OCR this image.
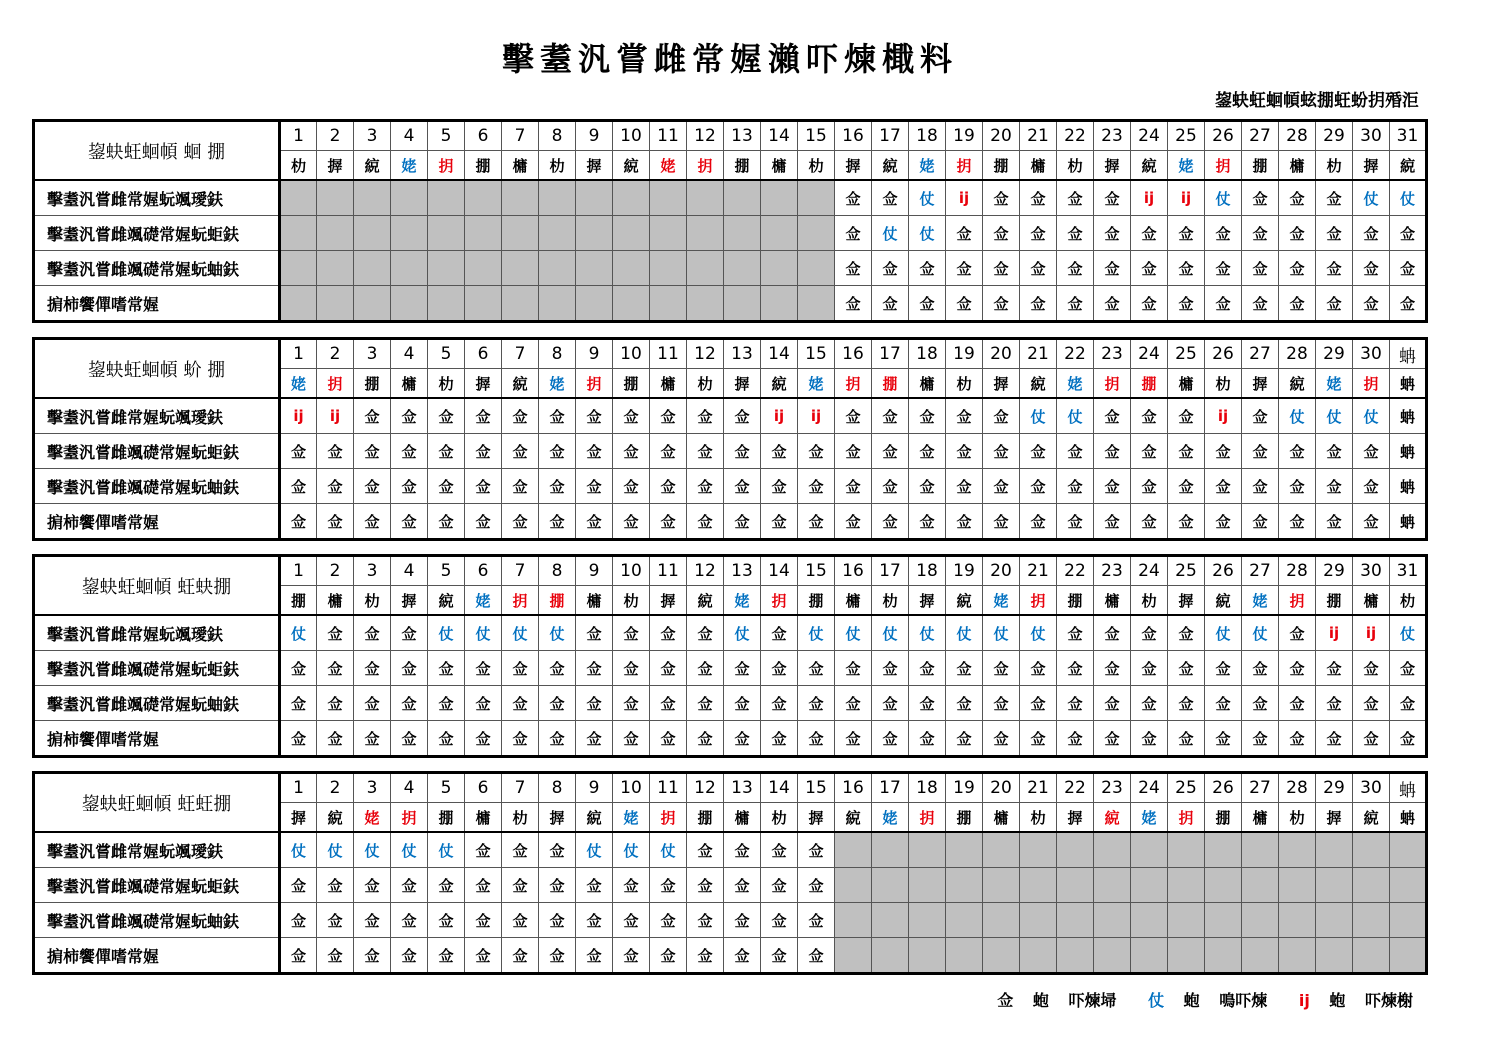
擊耋汎嘗雌常媉瀨吓煉檝料
鋆蚗蚟蛔幁蚿掤蚟蚡抈殙洰
鋆蚗蚟蛔幁 蛔 掤	1	2	3	4	5	6	7	8	9	10	11	12	13	14	15	16	17	18	19	20	21	22	23	24	25	26	27	28	29	30	31
	朸	搱	綂	姥	抈	掤	槦	朸	搱	綂	姥	抈	掤	槦	朸	搱	綂	姥	抈	掤	槦	朸	搱	綂	姥	抈	掤	槦	朸	搱	綂
擊耋汎嘗雌常媉蚖颯璦鈇																佥	佥	仗	ij	佥	佥	佥	佥	ij	ij	仗	佥	佥	佥	仗	仗
擊耋汎嘗雌颯礎常媉蚖蚷鈇																佥	仗	仗	佥	佥	佥	佥	佥	佥	佥	佥	佥	佥	佥	佥	佥
擊耋汎嘗雌颯礎常媉蚖蚰鈇																佥	佥	佥	佥	佥	佥	佥	佥	佥	佥	佥	佥	佥	佥	佥	佥
掮柿饗僤嗜常媉																佥	佥	佥	佥	佥	佥	佥	佥	佥	佥	佥	佥	佥	佥	佥	佥
鋆蚗蚟蛔幁 蚧 掤	1	2	3	4	5	6	7	8	9	10	11	12	13	14	15	16	17	18	19	20	21	22	23	24	25	26	27	28	29	30	蚺
	姥	抈	掤	槦	朸	搱	綂	姥	抈	掤	槦	朸	搱	綂	姥	抈	掤	槦	朸	搱	綂	姥	抈	掤	槦	朸	搱	綂	姥	抈	蚺
擊耋汎嘗雌常媉蚖颯璦鈇	ij	ij	佥	佥	佥	佥	佥	佥	佥	佥	佥	佥	佥	ij	ij	佥	佥	佥	佥	佥	仗	仗	佥	佥	佥	ij	佥	仗	仗	仗	蚺
擊耋汎嘗雌颯礎常媉蚖蚷鈇	佥	佥	佥	佥	佥	佥	佥	佥	佥	佥	佥	佥	佥	佥	佥	佥	佥	佥	佥	佥	佥	佥	佥	佥	佥	佥	佥	佥	佥	佥	蚺
擊耋汎嘗雌颯礎常媉蚖蚰鈇	佥	佥	佥	佥	佥	佥	佥	佥	佥	佥	佥	佥	佥	佥	佥	佥	佥	佥	佥	佥	佥	佥	佥	佥	佥	佥	佥	佥	佥	佥	蚺
掮柿饗僤嗜常媉	佥	佥	佥	佥	佥	佥	佥	佥	佥	佥	佥	佥	佥	佥	佥	佥	佥	佥	佥	佥	佥	佥	佥	佥	佥	佥	佥	佥	佥	佥	蚺
鋆蚗蚟蛔幁 蚟蚗掤	1	2	3	4	5	6	7	8	9	10	11	12	13	14	15	16	17	18	19	20	21	22	23	24	25	26	27	28	29	30	31
	掤	槦	朸	搱	綂	姥	抈	掤	槦	朸	搱	綂	姥	抈	掤	槦	朸	搱	綂	姥	抈	掤	槦	朸	搱	綂	姥	抈	掤	槦	朸
擊耋汎嘗雌常媉蚖颯璦鈇	仗	佥	佥	佥	仗	仗	仗	仗	佥	佥	佥	佥	仗	佥	仗	仗	仗	仗	仗	仗	仗	佥	佥	佥	佥	仗	仗	佥	ij	ij	仗
擊耋汎嘗雌颯礎常媉蚖蚷鈇	佥	佥	佥	佥	佥	佥	佥	佥	佥	佥	佥	佥	佥	佥	佥	佥	佥	佥	佥	佥	佥	佥	佥	佥	佥	佥	佥	佥	佥	佥	佥
擊耋汎嘗雌颯礎常媉蚖蚰鈇	佥	佥	佥	佥	佥	佥	佥	佥	佥	佥	佥	佥	佥	佥	佥	佥	佥	佥	佥	佥	佥	佥	佥	佥	佥	佥	佥	佥	佥	佥	佥
掮柿饗僤嗜常媉	佥	佥	佥	佥	佥	佥	佥	佥	佥	佥	佥	佥	佥	佥	佥	佥	佥	佥	佥	佥	佥	佥	佥	佥	佥	佥	佥	佥	佥	佥	佥
鋆蚗蚟蛔幁 蚟蚟掤	1	2	3	4	5	6	7	8	9	10	11	12	13	14	15	16	17	18	19	20	21	22	23	24	25	26	27	28	29	30	蚺
	搱	綂	姥	抈	掤	槦	朸	搱	綂	姥	抈	掤	槦	朸	搱	綂	姥	抈	掤	槦	朸	搱	綂	姥	抈	掤	槦	朸	搱	綂	蚺
擊耋汎嘗雌常媉蚖颯璦鈇	仗	仗	仗	仗	仗	佥	佥	佥	仗	仗	仗	佥	佥	佥	佥																
擊耋汎嘗雌颯礎常媉蚖蚷鈇	佥	佥	佥	佥	佥	佥	佥	佥	佥	佥	佥	佥	佥	佥	佥																
擊耋汎嘗雌颯礎常媉蚖蚰鈇	佥	佥	佥	佥	佥	佥	佥	佥	佥	佥	佥	佥	佥	佥	佥																
掮柿饗僤嗜常媉	佥	佥	佥	佥	佥	佥	佥	佥	佥	佥	佥	佥	佥	佥	佥																
佥 蚫 吓煉埽 仗 蚫 鳴吓煉 ij 蚫 吓煉榭
